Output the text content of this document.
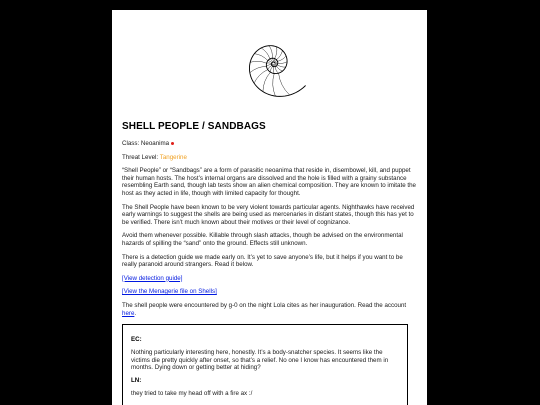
SHELL PEOPLE / SANDBAGS

Class: Neoanima

Threat Level: Tangerine

“Shell People” or “Sandbags” are a form of parasitic neoanima that reside in, disembowel, kill, and puppet their human hosts. The host’s internal organs are dissolved and the hole is filled with a grainy substance resembling Earth sand, though lab tests show an alien chemical composition. They are known to imitate the host as they acted in life, though with limited capacity for thought.

The Shell People have been known to be very violent towards particular agents. Nighthawks have received early warnings to suggest the shells are being used as mercenaries in distant states, though this has yet to be verified. There isn’t much known about their motives or their level of cognizance.

Avoid them whenever possible. Killable through slash attacks, though be advised on the environmental hazards of spilling the “sand” onto the ground. Effects still unknown.

There is a detection guide we made early on. It’s yet to save anyone’s life, but it helps if you want to be really paranoid around strangers. Read it below.

[View detection guide]

[View the Menagerie file on Shells]

The shell people were encountered by g-0 on the night Lola cites as her inauguration. Read the account here.

EC:

Nothing particularly interesting here, honestly. It’s a body-snatcher species. It seems like the victims die pretty quickly after onset, so that’s a relief. No one I know has encountered them in months. Dying down or getting better at hiding?

LN:

they tried to take my head off with a fire ax :/
